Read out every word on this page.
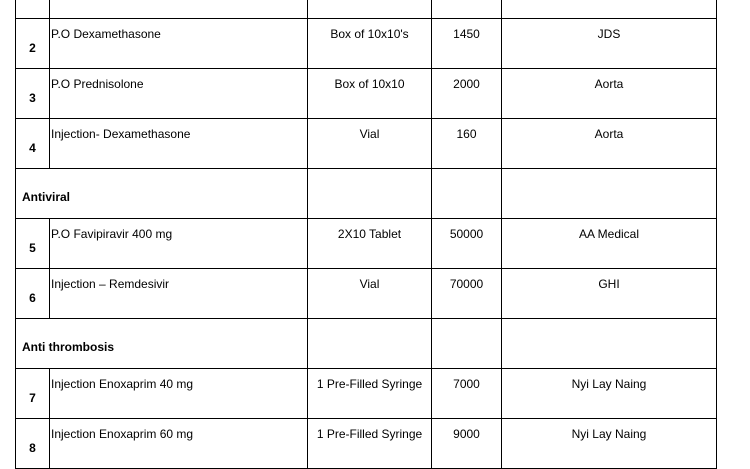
2	P.O Dexamethasone	Box of 10x10's	1450	JDS

3	P.O Prednisolone	Box of 10x10	2000	Aorta

4	Injection- Dexamethasone	Vial	160	Aorta

Antiviral				

5	P.O Favipiravir 400 mg	2X10 Tablet	50000	AA Medical

6	Injection – Remdesivir	Vial	70000	GHI

Anti thrombosis				

7	Injection Enoxaprim 40 mg	1 Pre-Filled Syringe	7000	Nyi Lay Naing

8	Injection Enoxaprim 60 mg	1 Pre-Filled Syringe	9000	Nyi Lay Naing
